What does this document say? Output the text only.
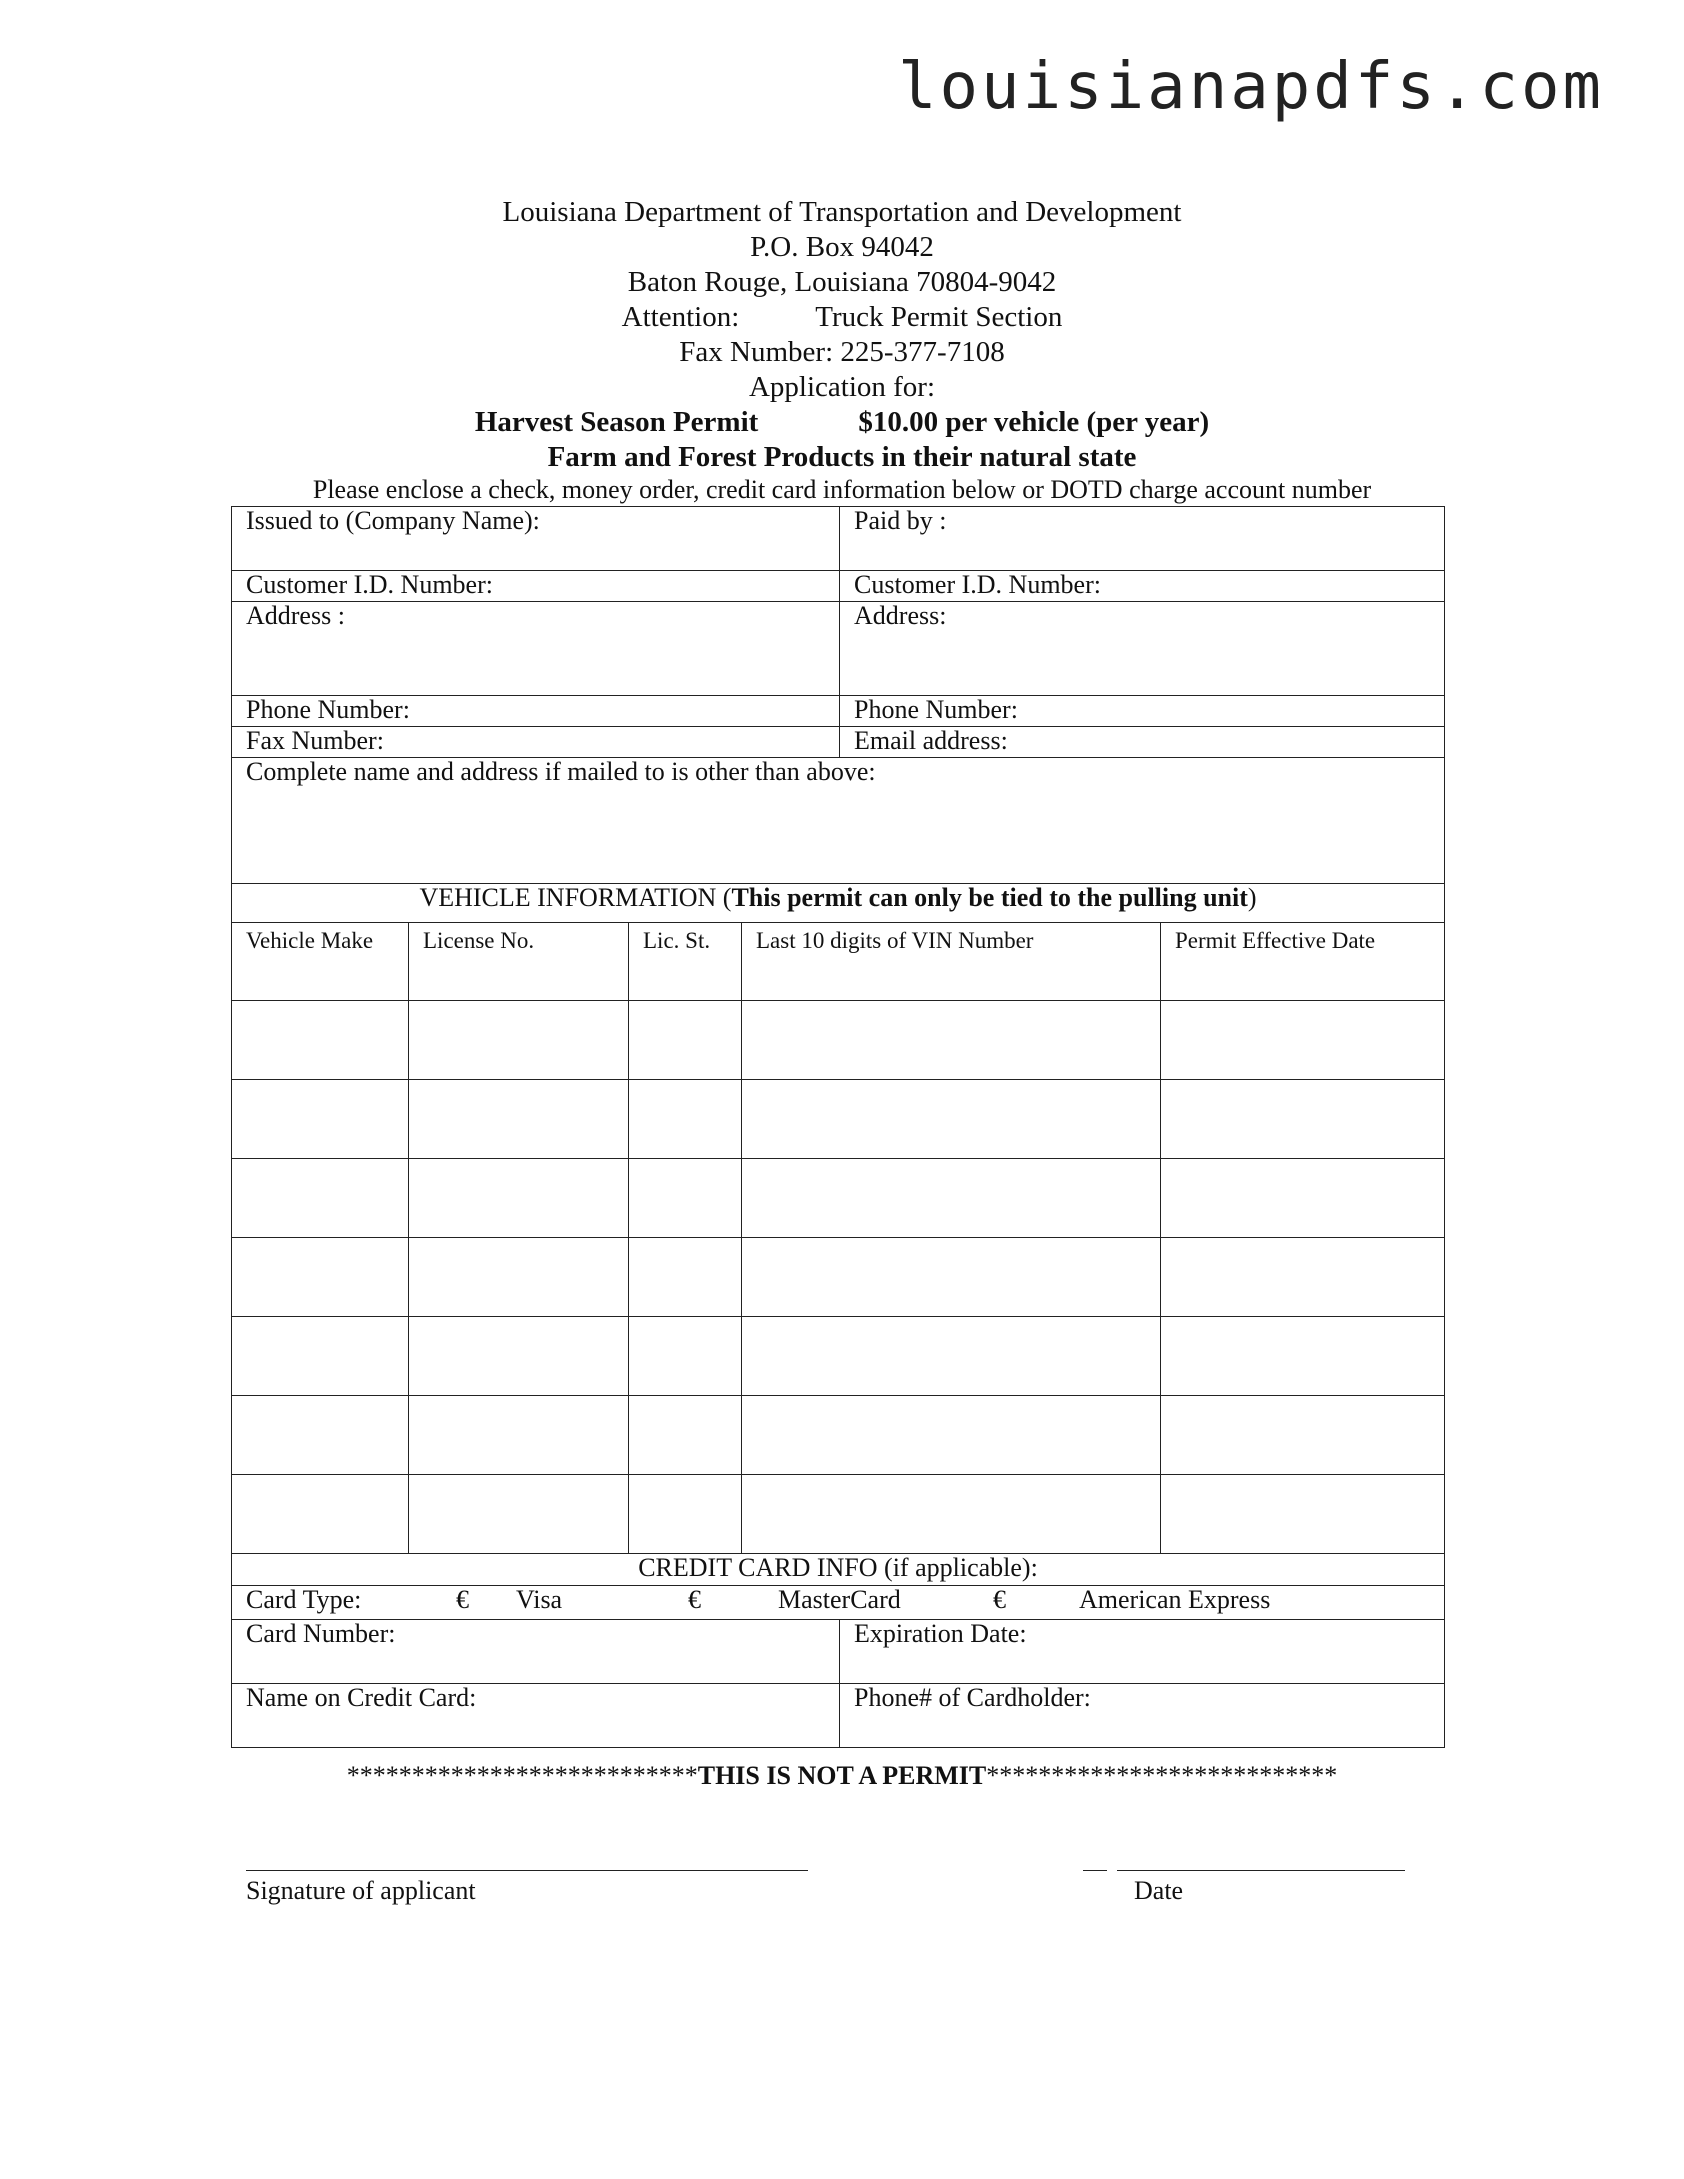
louisianapdfs.com
Louisiana Department of Transportation and Development
P.O. Box 94042
Baton Rouge, Louisiana 70804-9042
Attention:	Truck Permit Section
Fax Number: 225-377-7108
Application for:
Harvest Season Permit	$10.00 per vehicle (per year)
Farm and Forest Products in their natural state
Please enclose a check, money order, credit card information below or DOTD charge account number
Issued to (Company Name):				Paid by :	
Customer I.D. Number:				Customer I.D. Number:	
Address :				Address:	
Phone Number:				Phone Number:	
Fax Number:				Email address:	
Complete name and address if mailed to is other than above:					
VEHICLE INFORMATION (This permit can only be tied to the pulling unit)					
Vehicle Make	License No.	Lic. St.	Last 10 digits of VIN Number		Permit Effective Date

CREDIT CARD INFO (if applicable):					
Card Type: € Visa € MasterCard € American Express					
Card Number:				Expiration Date:	
Name on Credit Card:				Phone# of Cardholder:	
***************************THIS IS NOT A PERMIT***************************
Signature of applicant	Date
